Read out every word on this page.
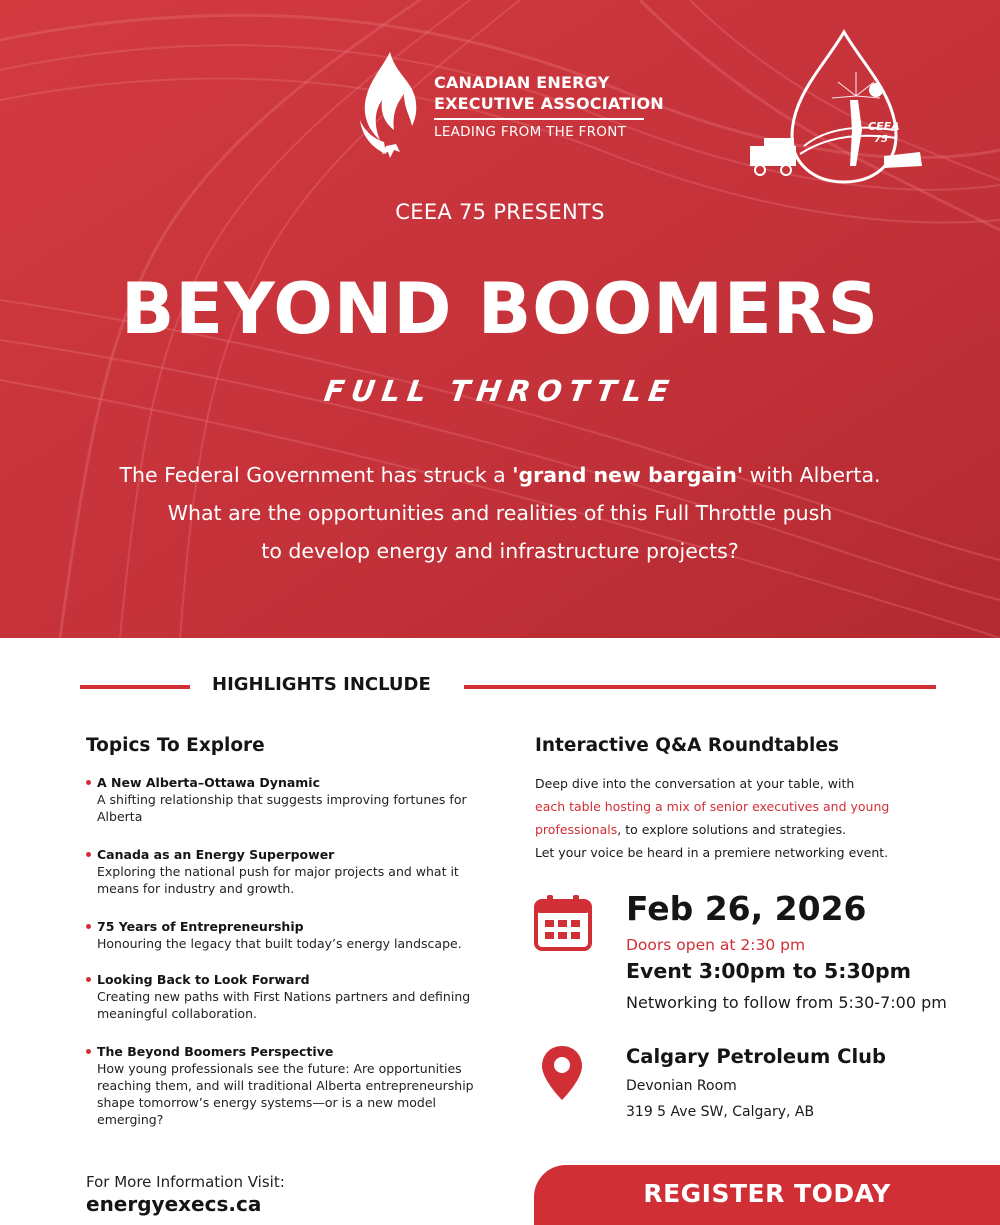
CANADIAN ENERGY
EXECUTIVE ASSOCIATION
LEADING FROM THE FRONT	CEEA
75
CEEA 75 PRESENTS
BEYOND BOOMERS
FULL THROTTLE

The Federal Government has struck a 'grand new bargain' with Alberta.
What are the opportunities and realities of this Full Throttle push
to develop energy and infrastructure projects?

HIGHLIGHTS INCLUDE
Topics To Explore
A New Alberta–Ottawa Dynamic
A shifting relationship that suggests improving fortunes for Alberta
Canada as an Energy Superpower
Exploring the national push for major projects and what it means for industry and growth.
75 Years of Entrepreneurship
Honouring the legacy that built today’s energy landscape.
Looking Back to Look Forward
Creating new paths with First Nations partners and defining meaningful collaboration.
The Beyond Boomers Perspective
How young professionals see the future: Are opportunities reaching them, and will traditional Alberta entrepreneurship shape tomorrow’s energy systems—or is a new model emerging?
Interactive Q&A Roundtables
Deep dive into the conversation at your table, with
each table hosting a mix of senior executives and young professionals, to explore solutions and strategies.
Let your voice be heard in a premiere networking event.
Feb 26, 2026
Doors open at 2:30 pm
Event 3:00pm to 5:30pm
Networking to follow from 5:30-7:00 pm
Calgary Petroleum Club
Devonian Room
319 5 Ave SW, Calgary, AB
For More Information Visit:
energyexecs.ca	REGISTER TODAY
